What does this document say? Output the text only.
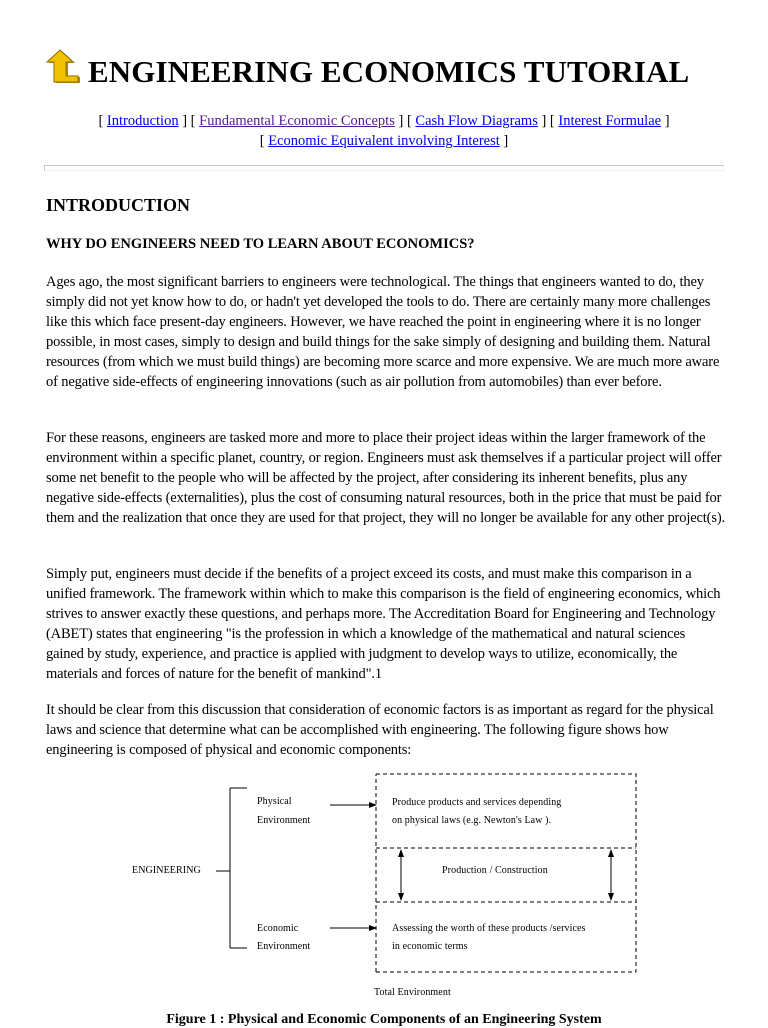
ENGINEERING ECONOMICS TUTORIAL
[ Introduction ] [ Fundamental Economic Concepts ] [ Cash Flow Diagrams ] [ Interest Formulae ]
[ Economic Equivalent involving Interest ]
INTRODUCTION
WHY DO ENGINEERS NEED TO LEARN ABOUT ECONOMICS?

Ages ago, the most significant barriers to engineers were technological. The things that engineers wanted to do, they simply did not yet know how to do, or hadn't yet developed the tools to do. There are certainly many more challenges like this which face present-day engineers. However, we have reached the point in engineering where it is no longer possible, in most cases, simply to design and build things for the sake simply of designing and building them. Natural resources (from which we must build things) are becoming more scarce and more expensive. We are much more aware of negative side-effects of engineering innovations (such as air pollution from automobiles) than ever before.

For these reasons, engineers are tasked more and more to place their project ideas within the larger framework of the environment within a specific planet, country, or region. Engineers must ask themselves if a particular project will offer some net benefit to the people who will be affected by the project, after considering its inherent benefits, plus any negative side-effects (externalities), plus the cost of consuming natural resources, both in the price that must be paid for them and the realization that once they are used for that project, they will no longer be available for any other project(s).

Simply put, engineers must decide if the benefits of a project exceed its costs, and must make this comparison in a unified framework. The framework within which to make this comparison is the field of engineering economics, which strives to answer exactly these questions, and perhaps more. The Accreditation Board for Engineering and Technology (ABET) states that engineering "is the profession in which a knowledge of the mathematical and natural sciences gained by study, experience, and practice is applied with judgment to develop ways to utilize, economically, the materials and forces of nature for the benefit of mankind".1

It should be clear from this discussion that consideration of economic factors is as important as regard for the physical laws and science that determine what can be accomplished with engineering. The following figure shows how engineering is composed of physical and economic components:

ENGINEERING
Physical
Environment
Economic
Environment
Produce products and services depending
on physical laws (e.g. Newton's Law ).
Production / Construction
Assessing the worth of these products /services
in economic terms
Total Environment

Figure 1 : Physical and Economic Components of an Engineering System
